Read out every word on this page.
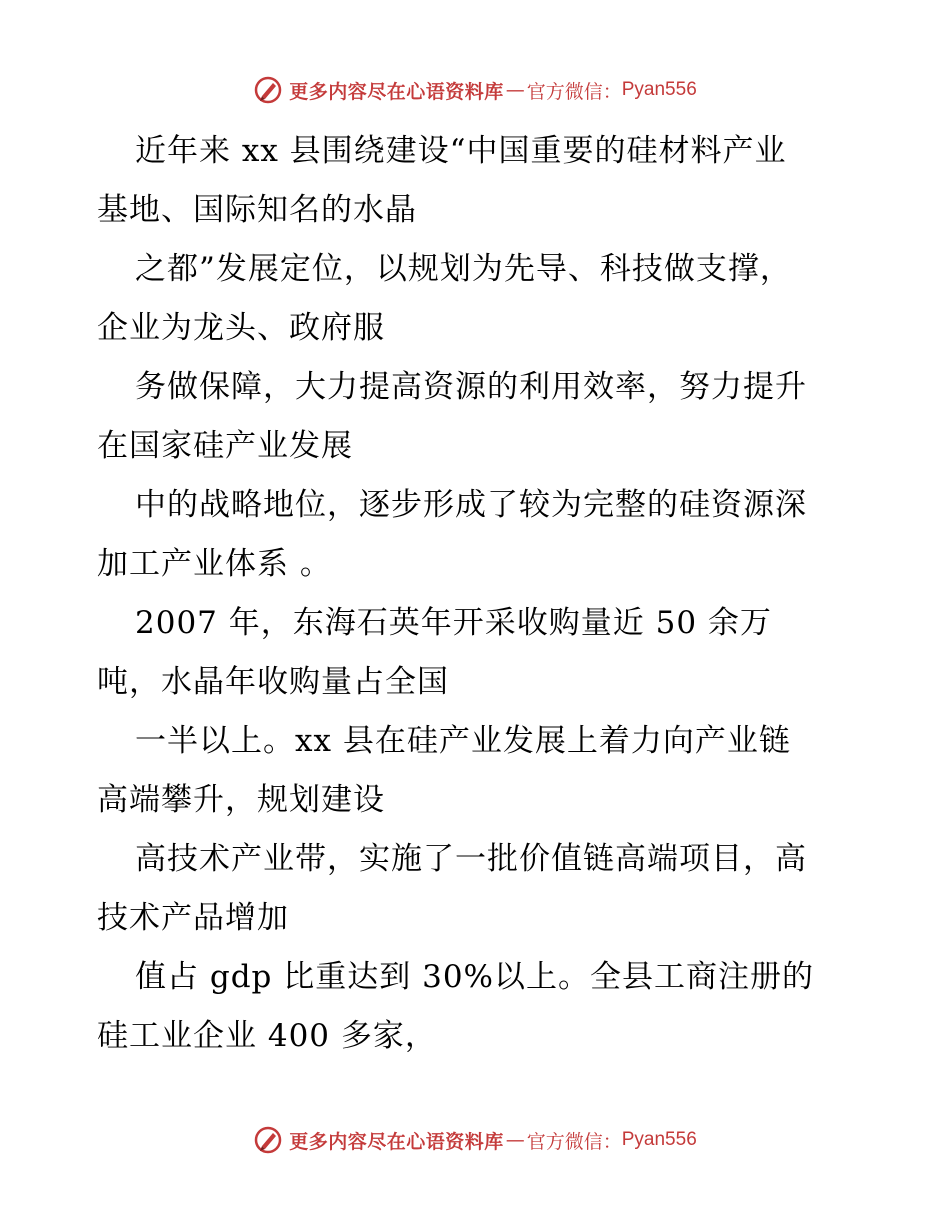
更多内容尽在心语资料库 — 官方微信： Pyan556
近年来 xx 县围绕建设“中国重要的硅材料产业
基地、国际知名的水晶
之都”发展定位，以规划为先导、科技做支撑，
企业为龙头、政府服
务做保障，大力提高资源的利用效率，努力提升
在国家硅产业发展
中的战略地位，逐步形成了较为完整的硅资源深
加工产业体系 。
2007 年，东海石英年开采收购量近 50 余万
吨，水晶年收购量占全国
一半以上。xx 县在硅产业发展上着力向产业链
高端攀升，规划建设
高技术产业带，实施了一批价值链高端项目，高
技术产品增加
值占 gdp 比重达到 30%以上。全县工商注册的
硅工业企业 400 多家，
更多内容尽在心语资料库 — 官方微信： Pyan556
